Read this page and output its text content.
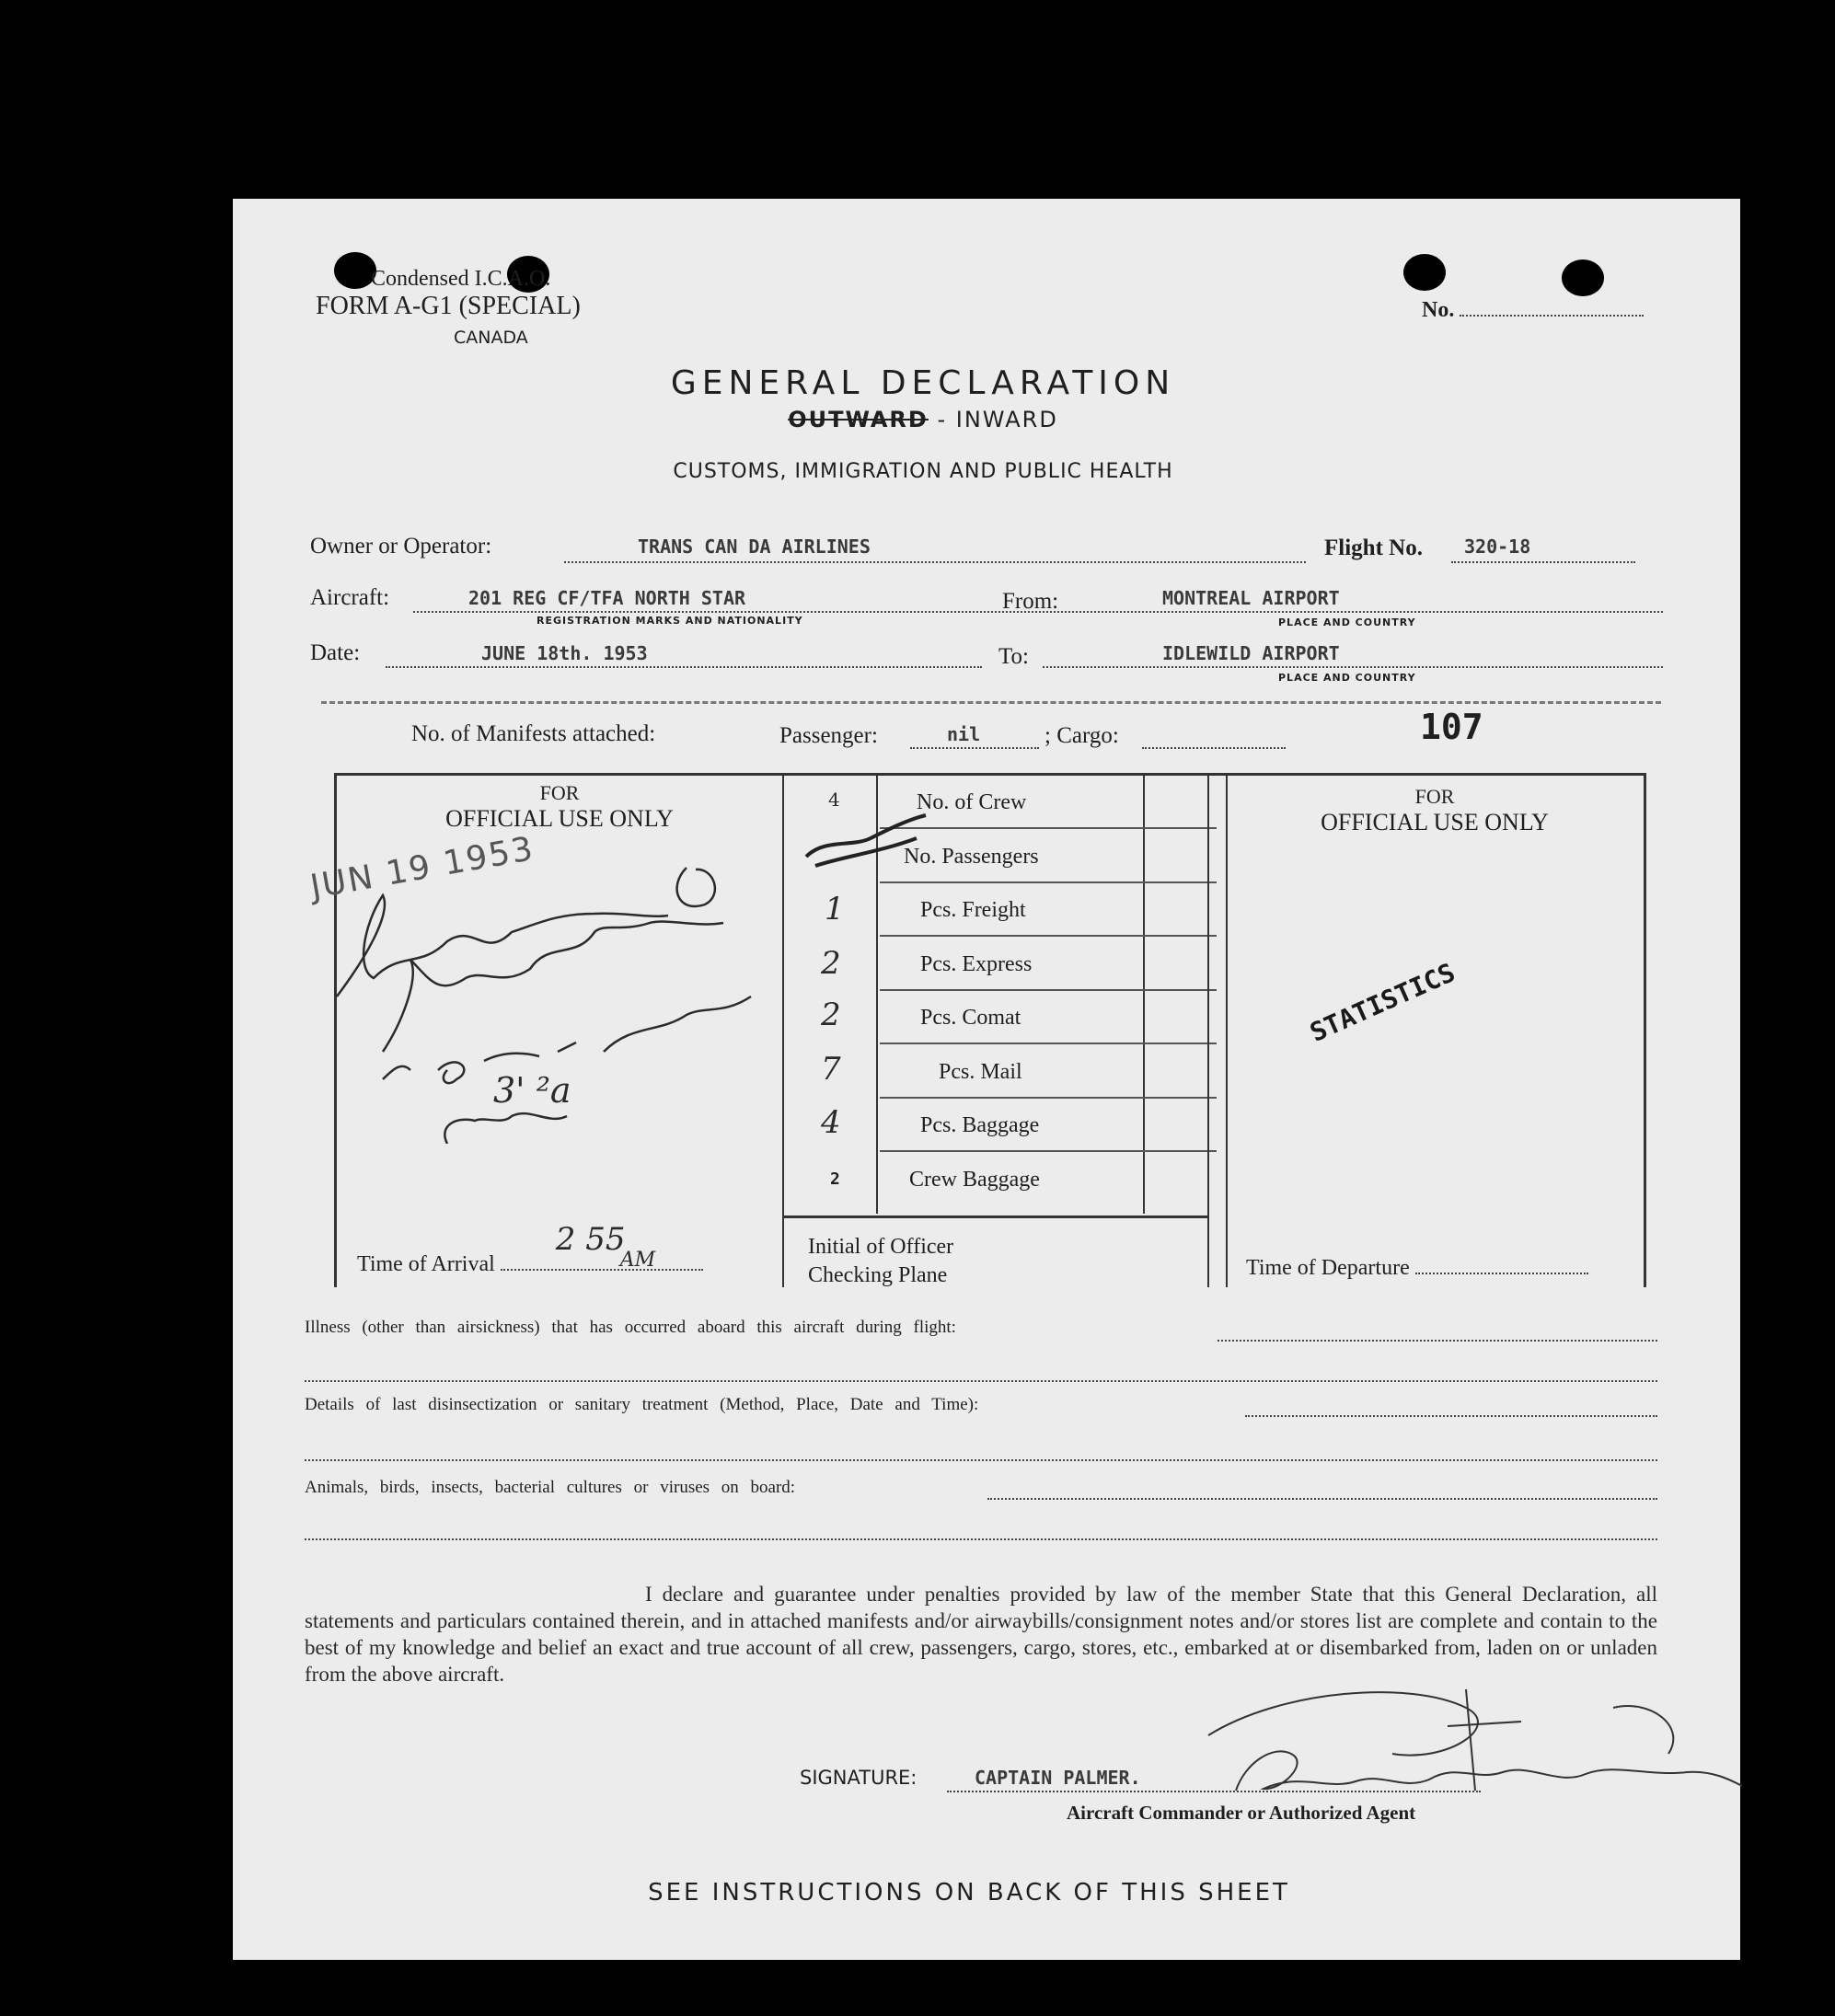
Condensed I.C.A.O.
FORM A-G1 (SPECIAL)
CANADA
No.
GENERAL DECLARATION
OUTWARD - INWARD
CUSTOMS, IMMIGRATION AND PUBLIC HEALTH
Owner or Operator:	TRANS CAN DA AIRLINES	Flight No.	320-18
Aircraft:	201 REG CF/TFA NORTH STAR
REGISTRATION MARKS AND NATIONALITY
From:	MONTREAL AIRPORT
PLACE AND COUNTRY
Date:	JUNE 18th. 1953	To:	IDLEWILD AIRPORT
PLACE AND COUNTRY
No. of Manifests attached:	Passenger:	nil	; Cargo:	107
FOR
OFFICIAL USE ONLY
JUN 19 1953
3' ²a
Time of Arrival
2 55
AM
4	No. of Crew
No. Passengers
1	Pcs. Freight
2	Pcs. Express
2	Pcs. Comat
7	Pcs. Mail
4	Pcs. Baggage
2	Crew Baggage
Initial of Officer
Checking Plane
FOR
OFFICIAL USE ONLY
STATISTICS
Time of Departure
Illness (other than airsickness) that has occurred aboard this aircraft during flight:
Details of last disinsectization or sanitary treatment (Method, Place, Date and Time):
Animals, birds, insects, bacterial cultures or viruses on board:
I declare and guarantee under penalties provided by law of the member State that this General Declaration, all statements and particulars contained therein, and in attached manifests and/or airwaybills/consignment notes and/or stores list are complete and contain to the best of my knowledge and belief an exact and true account of all crew, passengers, cargo, stores, etc., embarked at or disembarked from, laden on or unladen from the above aircraft.
SIGNATURE:	CAPTAIN PALMER.
Aircraft Commander or Authorized Agent
SEE INSTRUCTIONS ON BACK OF THIS SHEET
